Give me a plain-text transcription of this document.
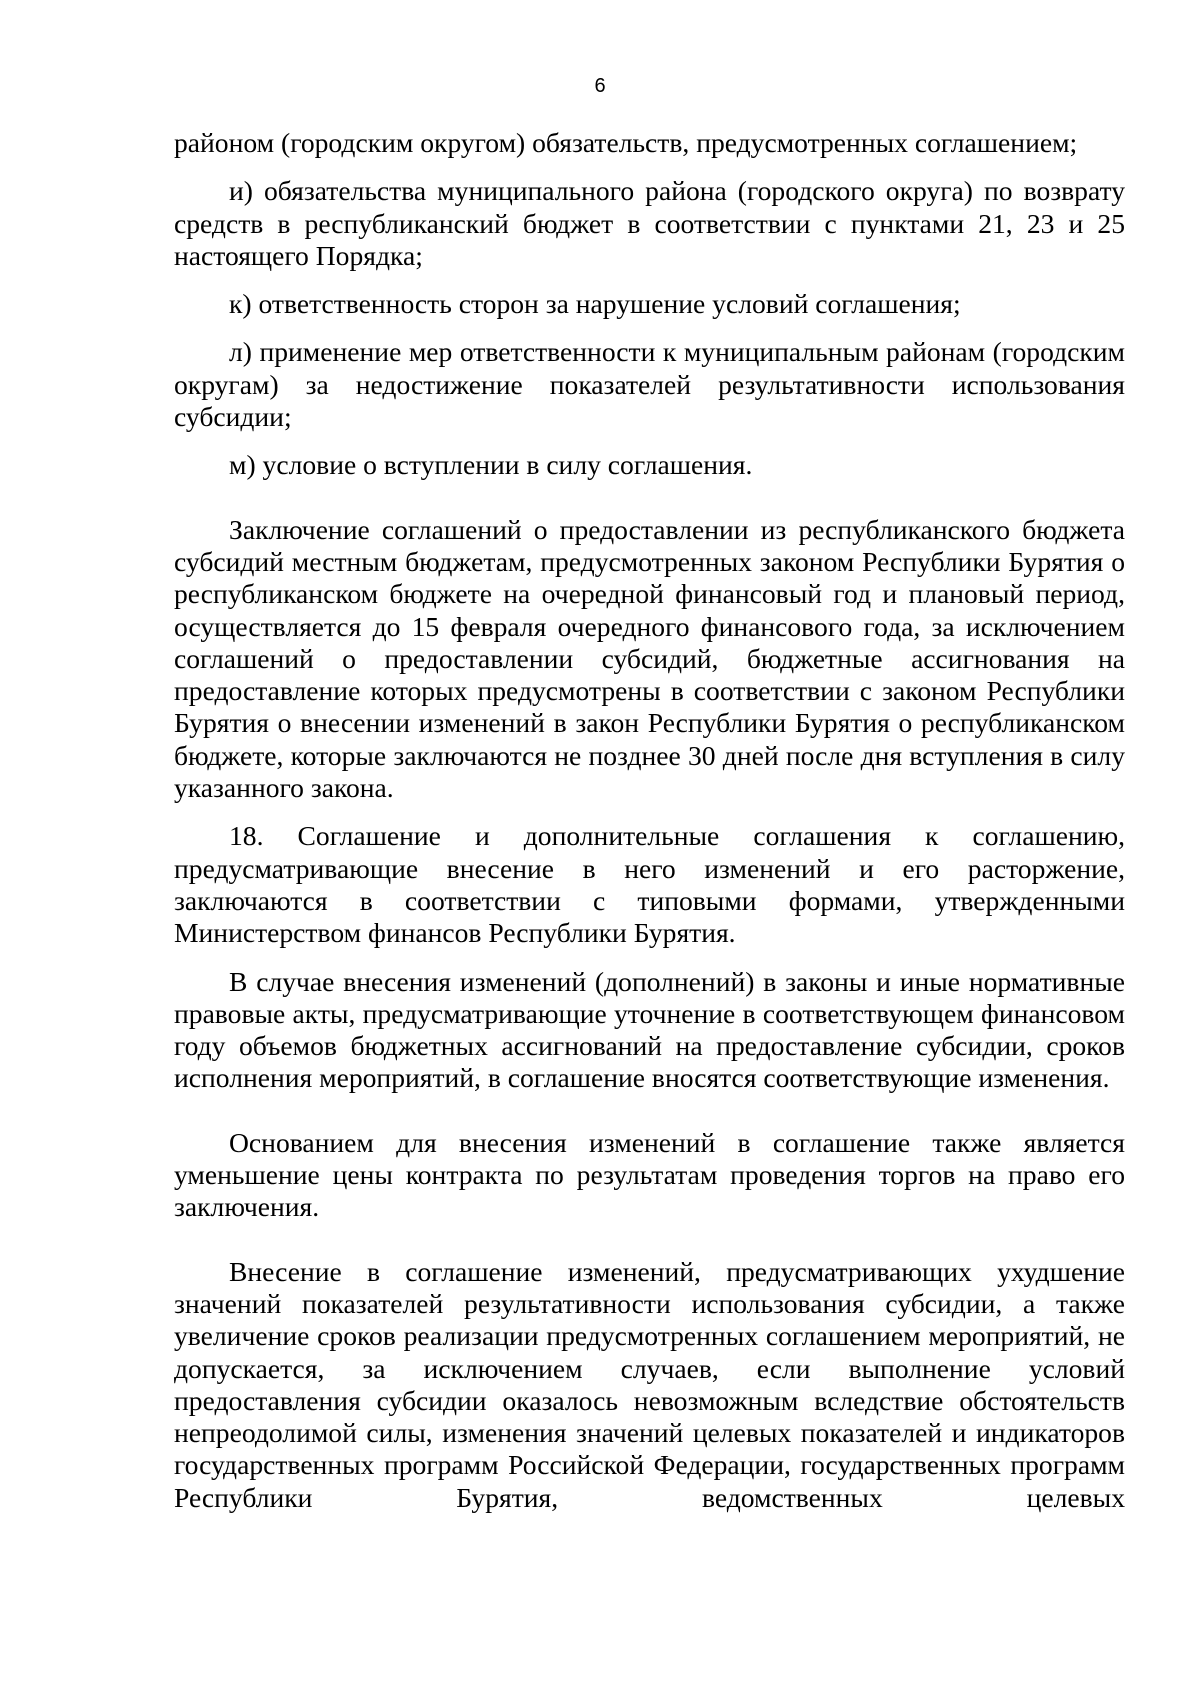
6

районом (городским округом) обязательств, предусмотренных соглашением;

и) обязательства муниципального района (городского округа) по возврату средств в республиканский бюджет в соответствии с пунктами 21, 23 и 25 настоящего Порядка;

к) ответственность сторон за нарушение условий соглашения;

л) применение мер ответственности к муниципальным районам (городским округам) за недостижение показателей результативности использования субсидии;

м) условие о вступлении в силу соглашения.

Заключение соглашений о предоставлении из республиканского бюджета субсидий местным бюджетам, предусмотренных законом Республики Бурятия о республиканском бюджете на очередной финансовый год и плановый период, осуществляется до 15 февраля очередного финансового года, за исключением соглашений о предоставлении субсидий, бюджетные ассигнования на предоставление которых предусмотрены в соответствии с законом Республики Бурятия о внесении изменений в закон Республики Бурятия о республиканском бюджете, которые заключаются не позднее 30 дней после дня вступления в силу указанного закона.

18. Соглашение и дополнительные соглашения к соглашению, предусматривающие внесение в него изменений и его расторжение, заключаются в соответствии с типовыми формами, утвержденными Министерством финансов Республики Бурятия.

В случае внесения изменений (дополнений) в законы и иные нормативные правовые акты, предусматривающие уточнение в соответствующем финансовом году объемов бюджетных ассигнований на предоставление субсидии, сроков исполнения мероприятий, в соглашение вносятся соответствующие изменения.

Основанием для внесения изменений в соглашение также является уменьшение цены контракта по результатам проведения торгов на право его заключения.

Внесение в соглашение изменений, предусматривающих ухудшение значений показателей результативности использования субсидии, а также увеличение сроков реализации предусмотренных соглашением мероприятий, не допускается, за исключением случаев, если выполнение условий предоставления субсидии оказалось невозможным вследствие обстоятельств непреодолимой силы, изменения значений целевых показателей и индикаторов государственных программ Российской Федерации, государственных программ Республики Бурятия, ведомственных целевых
